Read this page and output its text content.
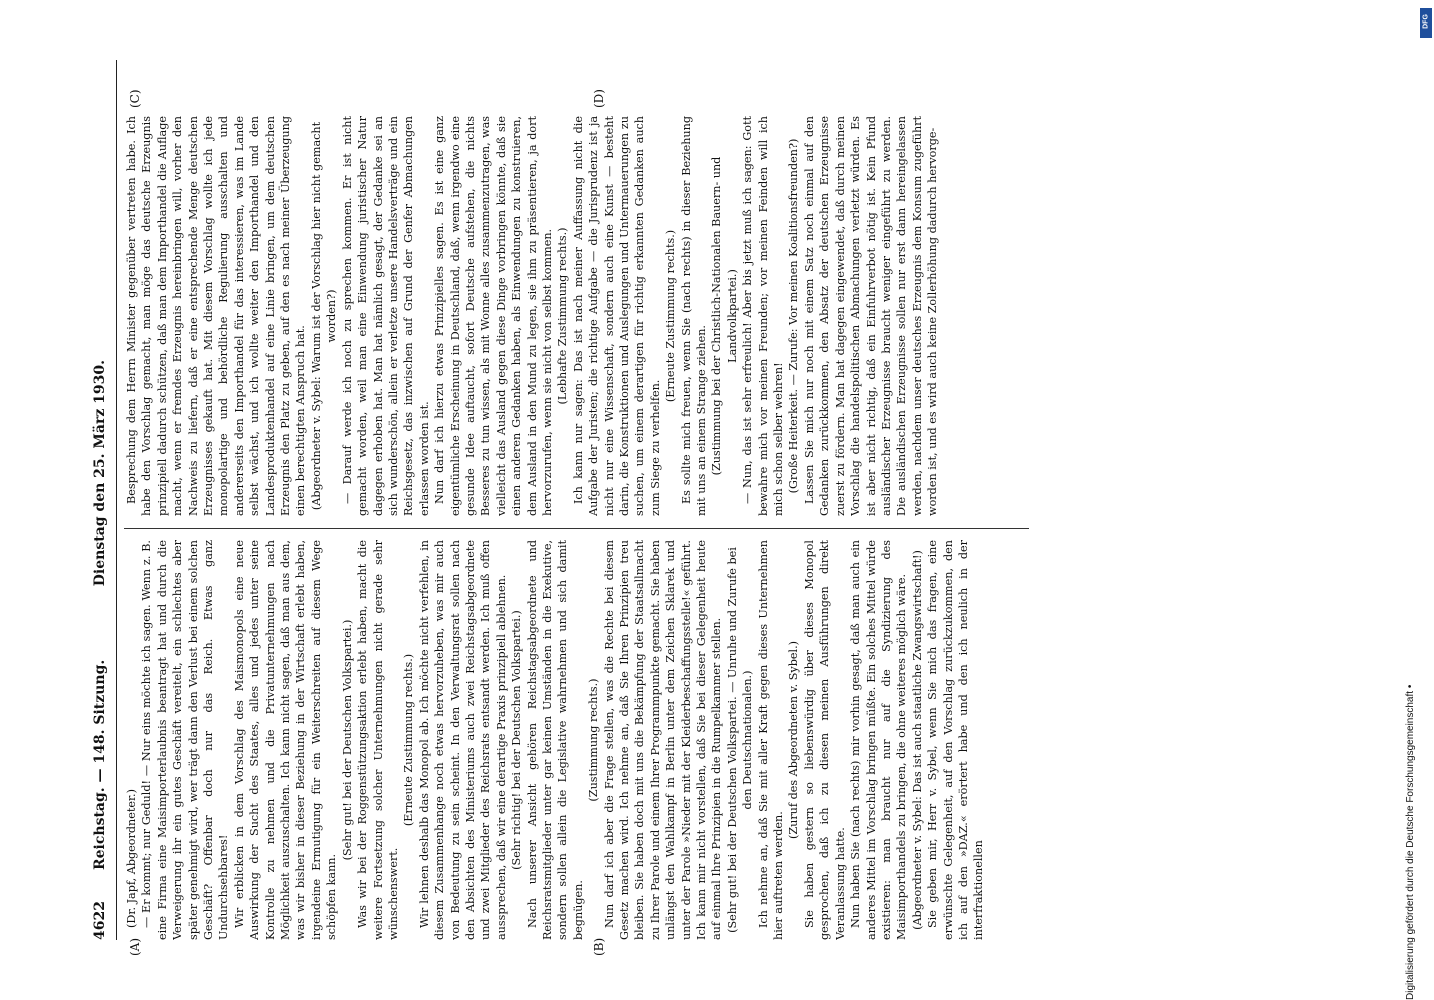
4622
Reichstag. — 148. Sitzung.
Dienstag den 25. März 1930.
(A)	(B)
(C)	(D)

(Dr. Japf, Abgeordneter.) — Er kommt; nur Geduld! — Nur eins möchte ich sagen. Wenn z. B. eine Firma eine Maisimporterlaubnis beantragt hat und durch die Verweigerung ihr ein gutes Geschäft vereitelt, ein schlechtes aber später genehmigt wird, wer trägt dann den Verlust bei einem solchen Geschäft? Offenbar doch nur das Reich. Etwas ganz Undurchsehbares! Wir erblicken in dem Vorschlag des Maismonopols eine neue Auswirkung der Sucht des Staates, alles und jedes unter seine Kontrolle zu nehmen und die Privatunternehmungen nach Möglichkeit auszuschalten. Ich kann nicht sagen, daß man aus dem, was wir bisher in dieser Beziehung in der Wirtschaft erlebt haben, irgendeine Ermutigung für ein Weiterschreiten auf diesem Wege schöpfen kann.

(Sehr gut! bei der Deutschen Volkspartei.) Was wir bei der Roggenstützungsaktion erlebt haben, macht die weitere Fortsetzung solcher Unternehmungen nicht gerade sehr wünschenswert.

(Erneute Zustimmung rechts.) Wir lehnen deshalb das Monopol ab. Ich möchte nicht verfehlen, in diesem Zusammenhange noch etwas hervorzuheben, was mir auch von Bedeutung zu sein scheint. In den Verwaltungsrat sollen nach den Absichten des Ministeriums auch zwei Reichstagsabgeordnete und zwei Mitglieder des Reichsrats entsandt werden. Ich muß offen aussprechen, daß wir eine derartige Praxis prinzipiell ablehnen. (Sehr richtig! bei der Deutschen Volkspartei.) Nach unserer Ansicht gehören Reichstagsabgeordnete und Reichsratsmitglieder unter gar keinen Umständen in die Exekutive, sondern sollen allein die Legislative wahrnehmen und sich damit begnügen.

(Zustimmung rechts.) Nun darf ich aber die Frage stellen, was die Rechte bei diesem Gesetz machen wird. Ich nehme an, daß Sie Ihren Prinzipien treu bleiben. Sie haben doch mit uns die Bekämpfung der Staatsallmacht zu Ihrer Parole und einem Ihrer Programmpunkte gemacht. Sie haben unlängst den Wahlkampf in Berlin unter dem Zeichen Sklarek und unter der Parole »Nieder mit der Kleiderbeschaffungsstelle!« geführt. Ich kann mir nicht vorstellen, daß Sie bei dieser Gelegenheit heute auf einmal Ihre Prinzipien in die Rumpelkammer stellen. (Sehr gut! bei der Deutschen Volkspartei. — Unruhe und Zurufe bei den Deutschnationalen.) Ich nehme an, daß Sie mit aller Kraft gegen dieses Unternehmen hier auftreten werden.

(Zuruf des Abgeordneten v. Sybel.) Sie haben gestern so liebenswürdig über dieses Monopol gesprochen, daß ich zu diesen meinen Ausführungen direkt Veranlassung hatte. Nun haben Sie (nach rechts) mir vorhin gesagt, daß man auch ein anderes Mittel im Vorschlag bringen müßte. Ein solches Mittel würde existieren: man braucht nur auf die Syndizierung des Maisimporthandels zu bringen, die ohne weiteres möglich wäre. (Abgeordneter v. Sybel: Das ist auch staatliche Zwangswirtschaft!) Sie geben mir, Herr v. Sybel, wenn Sie mich das fragen, eine erwünschte Gelegenheit, auf den Vorschlag zurückzukommen, den ich auf den »DAZ.« erörtert habe und den ich neulich in der interfraktionellen

Besprechung dem Herrn Minister gegenüber vertreten habe. Ich habe den Vorschlag gemacht, man möge das deutsche Erzeugnis prinzipiell dadurch schützen, daß man dem Importhandel die Auflage macht, wenn er fremdes Erzeugnis hereinbringen will, vorher den Nachweis zu liefern, daß er eine entsprechende Menge deutschen Erzeugnisses gekauft hat. Mit diesem Vorschlag wollte ich jede monopolartige und behördliche Regulierung ausschalten und andererseits den Importhandel für das interessieren, was im Lande selbst wächst, und ich wollte weiter den Importhandel und den Landesproduktenhandel auf eine Linie bringen, um dem deutschen Erzeugnis den Platz zu geben, auf den es nach meiner Überzeugung einen berechtigten Anspruch hat. (Abgeordneter v. Sybel: Warum ist der Vorschlag hier nicht gemacht worden?) — Darauf werde ich noch zu sprechen kommen. Er ist nicht gemacht worden, weil man eine Einwendung juristischer Natur dagegen erhoben hat. Man hat nämlich gesagt, der Gedanke sei an sich wunderschön, allein er verletze unsere Handelsverträge und ein Reichsgesetz, das inzwischen auf Grund der Genfer Abmachungen erlassen worden ist. Nun darf ich hierzu etwas Prinzipielles sagen. Es ist eine ganz eigentümliche Erscheinung in Deutschland, daß, wenn irgendwo eine gesunde Idee auftaucht, sofort Deutsche aufstehen, die nichts Besseres zu tun wissen, als mit Wonne alles zusammenzutragen, was vielleicht das Ausland gegen diese Dinge vorbringen könnte, daß sie einen anderen Gedanken haben, als Einwendungen zu konstruieren, dem Ausland in den Mund zu legen, sie ihm zu präsentieren, ja dort hervorzurufen, wenn sie nicht von selbst kommen. (Lebhafte Zustimmung rechts.) Ich kann nur sagen: Das ist nach meiner Auffassung nicht die Aufgabe der Juristen; die richtige Aufgabe — die Jurisprudenz ist ja nicht nur eine Wissenschaft, sondern auch eine Kunst — besteht darin, die Konstruktionen und Auslegungen und Untermauerungen zu suchen, um einem derartigen für richtig erkannten Gedanken auch zum Siege zu verhelfen.

(Erneute Zustimmung rechts.) Es sollte mich freuen, wenn Sie (nach rechts) in dieser Beziehung mit uns an einem Strange ziehen. (Zustimmung bei der Christlich-Nationalen Bauern- und Landvolkpartei.) — Nun, das ist sehr erfreulich! Aber bis jetzt muß ich sagen: Gott bewahre mich vor meinen Freunden; vor meinen Feinden will ich mich schon selber wehren! (Große Heiterkeit. — Zurufe: Vor meinen Koalitionsfreunden?) Lassen Sie mich nur noch mit einem Satz noch einmal auf den Gedanken zurückkommen, den Absatz der deutschen Erzeugnisse zuerst zu fördern. Man hat dagegen eingewendet, daß durch meinen Vorschlag die handelspolitischen Abmachungen verletzt würden. Es ist aber nicht richtig, daß ein Einfuhrverbot nötig ist. Kein Pfund ausländischer Erzeugnisse braucht weniger eingeführt zu werden. Die ausländischen Erzeugnisse sollen nur erst dann hereingelassen werden, nachdem unser deutsches Erzeugnis dem Konsum zugeführt worden ist, und es wird auch keine Zollerhöhung dadurch hervorge-

Digitalisierung gefördert durch die Deutsche Forschungsgemeinschaft •
DFG
